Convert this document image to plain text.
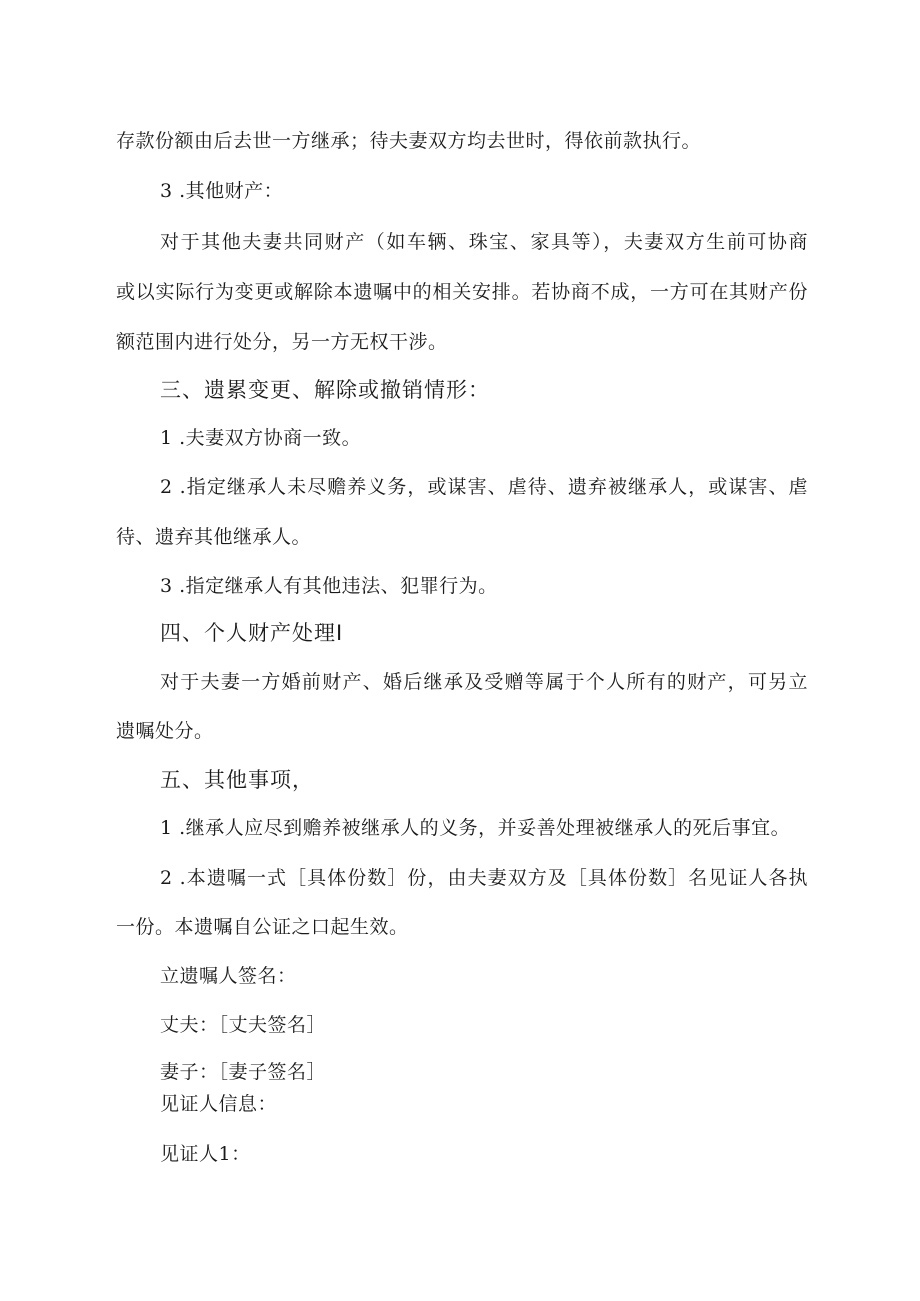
存款份额由后去世一方继承；待夫妻双方均去世时，得依前款执行。
3 .其他财产：
对于其他夫妻共同财产（如车辆、珠宝、家具等），夫妻双方生前可协商
或以实际行为变更或解除本遗嘱中的相关安排。若协商不成，一方可在其财产份
额范围内进行处分，另一方无权干涉。
三、遗累变更、解除或撤销情形：
1 .夫妻双方协商一致。
2 .指定继承人未尽赡养义务，或谋害、虐待、遗弃被继承人，或谋害、虐
待、遗弃其他继承人。
3 .指定继承人有其他违法、犯罪行为。
四、个人财产处理I
对于夫妻一方婚前财产、婚后继承及受赠等属于个人所有的财产，可另立
遗嘱处分。
五、其他事项，
1 .继承人应尽到赡养被继承人的义务，并妥善处理被继承人的死后事宜。
2 .本遗嘱一式［具体份数］份，由夫妻双方及［具体份数］名见证人各执
一份。本遗嘱自公证之口起生效。
立遗嘱人签名：
丈夫：［丈夫签名］
妻子：［妻子签名］
见证人信息：
见证人1：
